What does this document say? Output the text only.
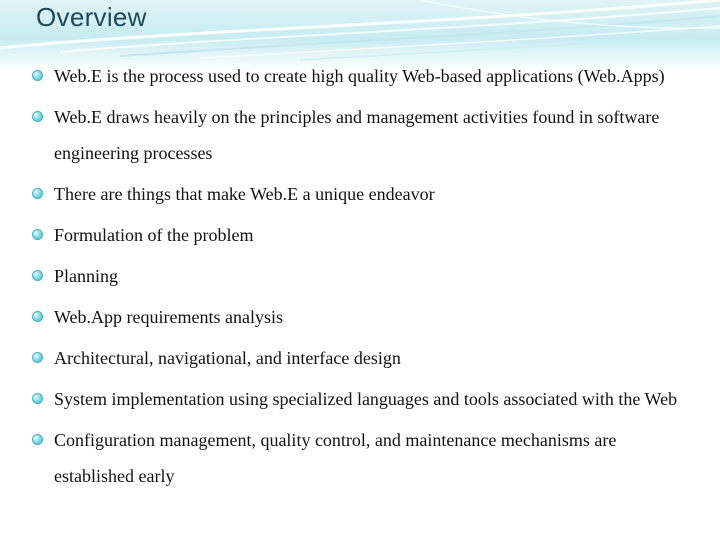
Overview
Web.E is the process used to create high quality Web-based applications (Web.Apps)
Web.E draws heavily on the principles and management activities found in software engineering processes
There are things that make Web.E a unique endeavor
Formulation of the problem
Planning
Web.App requirements analysis
Architectural, navigational, and interface design
System implementation using specialized languages and tools associated with the Web
Configuration management, quality control, and maintenance mechanisms are established early
